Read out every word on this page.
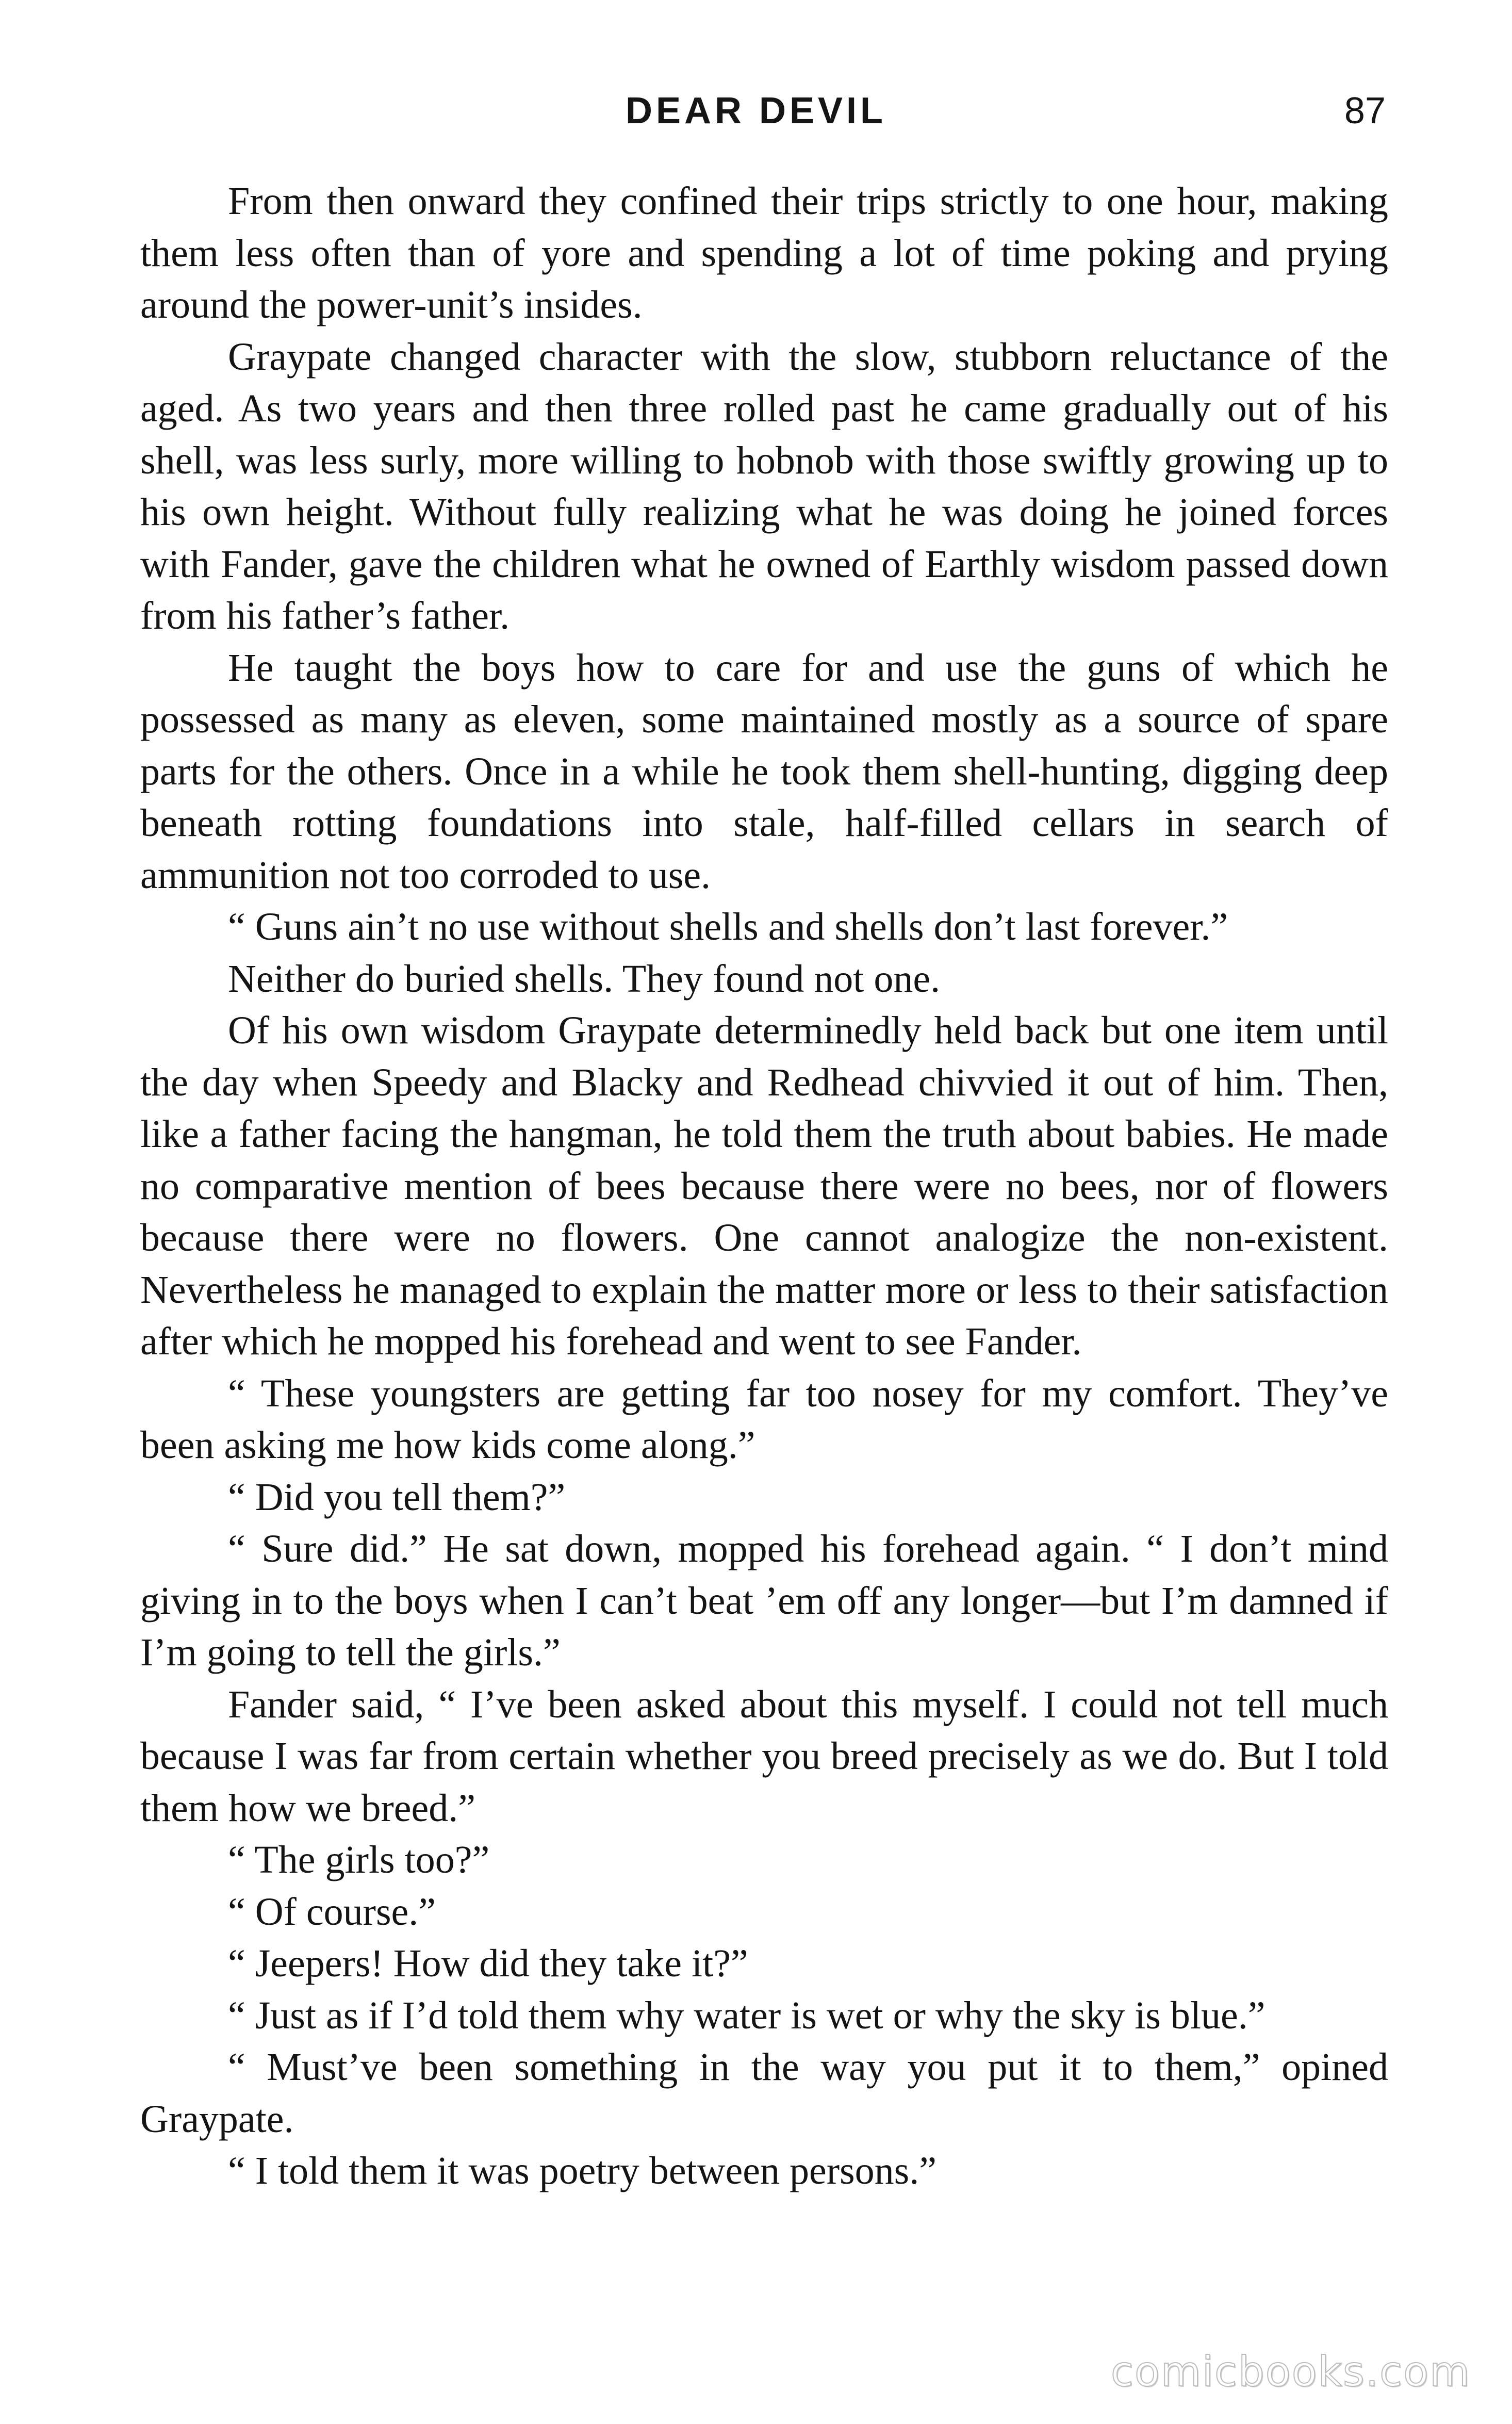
DEAR DEVIL	87

From then onward they confined their trips strictly to one hour, making them less often than of yore and spending a lot of time poking and prying around the power-unit’s insides.

Graypate changed character with the slow, stubborn reluctance of the aged. As two years and then three rolled past he came gradually out of his shell, was less surly, more willing to hobnob with those swiftly growing up to his own height. Without fully realizing what he was doing he joined forces with Fander, gave the children what he owned of Earthly wisdom passed down from his father’s father.

He taught the boys how to care for and use the guns of which he possessed as many as eleven, some maintained mostly as a source of spare parts for the others. Once in a while he took them shell-hunting, digging deep beneath rotting foundations into stale, half-filled cellars in search of ammunition not too corroded to use.

“ Guns ain’t no use without shells and shells don’t last forever.”

Neither do buried shells. They found not one.

Of his own wisdom Graypate determinedly held back but one item until the day when Speedy and Blacky and Redhead chivvied it out of him. Then, like a father facing the hangman, he told them the truth about babies. He made no comparative mention of bees because there were no bees, nor of flowers because there were no flowers. One cannot analogize the non-existent. Nevertheless he managed to explain the matter more or less to their satisfaction after which he mopped his forehead and went to see Fander.

“ These youngsters are getting far too nosey for my comfort. They’ve been asking me how kids come along.”

“ Did you tell them?”

“ Sure did.” He sat down, mopped his forehead again. “ I don’t mind giving in to the boys when I can’t beat ’em off any longer—but I’m damned if I’m going to tell the girls.”

Fander said, “ I’ve been asked about this myself. I could not tell much because I was far from certain whether you breed precisely as we do. But I told them how we breed.”

“ The girls too?”

“ Of course.”

“ Jeepers! How did they take it?”

“ Just as if I’d told them why water is wet or why the sky is blue.”

“ Must’ve been something in the way you put it to them,” opined Graypate.

“ I told them it was poetry between persons.”

comicbooks.com
